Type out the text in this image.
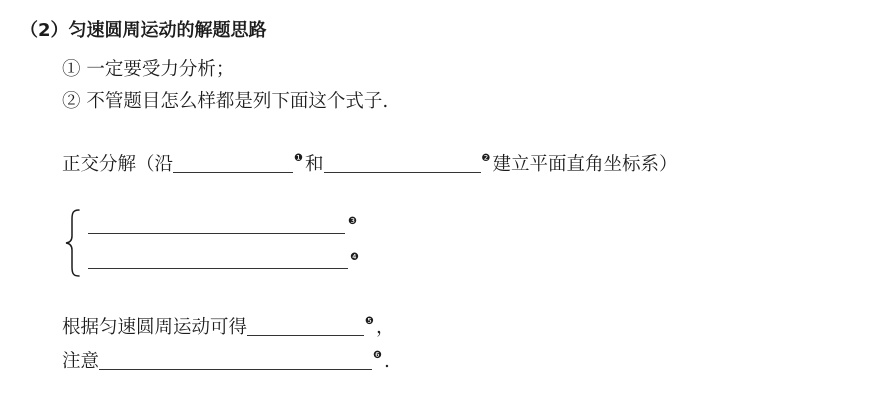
（2）匀速圆周运动的解题思路
① 一定要受力分析；
② 不管题目怎么样都是列下面这个式子.
正交分解（沿	$^❶$ 和	$^❷$ 建立平面直角坐标系）
❸
❹
根据匀速圆周运动可得	$^❺$ ，
注意	$^❻$ .
